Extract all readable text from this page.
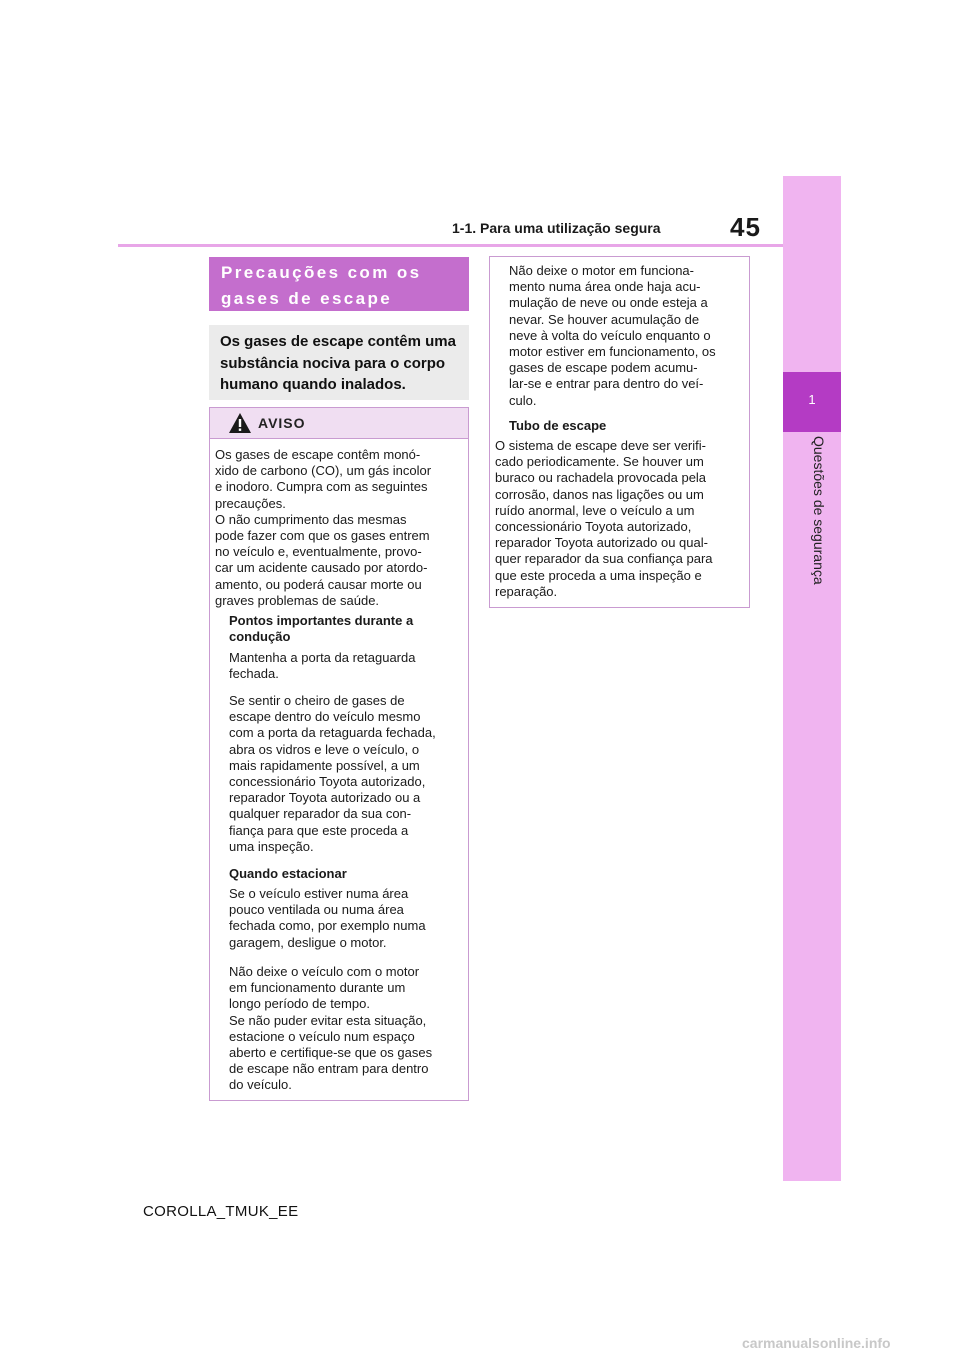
1-1. Para uma utilização segura	45
1
Questões de segurança
Precauções com os gases de escape
Os gases de escape contêm uma substância nociva para o corpo humano quando inalados.
AVISO
Os gases de escape contêm monó-
xido de carbono (CO), um gás incolor
e inodoro. Cumpra com as seguintes
precauções.
O não cumprimento das mesmas
pode fazer com que os gases entrem
no veículo e, eventualmente, provo-
car um acidente causado por atordo-
amento, ou poderá causar morte ou
graves problemas de saúde.
Pontos importantes durante a
condução
Mantenha a porta da retaguarda
fechada.
Se sentir o cheiro de gases de
escape dentro do veículo mesmo
com a porta da retaguarda fechada,
abra os vidros e leve o veículo, o
mais rapidamente possível, a um
concessionário Toyota autorizado,
reparador Toyota autorizado ou a
qualquer reparador da sua con-
fiança para que este proceda a
uma inspeção.
Quando estacionar
Se o veículo estiver numa área
pouco ventilada ou numa área
fechada como, por exemplo numa
garagem, desligue o motor.
Não deixe o veículo com o motor
em funcionamento durante um
longo período de tempo.
Se não puder evitar esta situação,
estacione o veículo num espaço
aberto e certifique-se que os gases
de escape não entram para dentro
do veículo.
Não deixe o motor em funciona-
mento numa área onde haja acu-
mulação de neve ou onde esteja a
nevar. Se houver acumulação de
neve à volta do veículo enquanto o
motor estiver em funcionamento, os
gases de escape podem acumu-
lar-se e entrar para dentro do veí-
culo.
Tubo de escape
O sistema de escape deve ser verifi-
cado periodicamente. Se houver um
buraco ou rachadela provocada pela
corrosão, danos nas ligações ou um
ruído anormal, leve o veículo a um
concessionário Toyota autorizado,
reparador Toyota autorizado ou qual-
quer reparador da sua confiança para
que este proceda a uma inspeção e
reparação.
COROLLA_TMUK_EE
carmanualsonline.info
